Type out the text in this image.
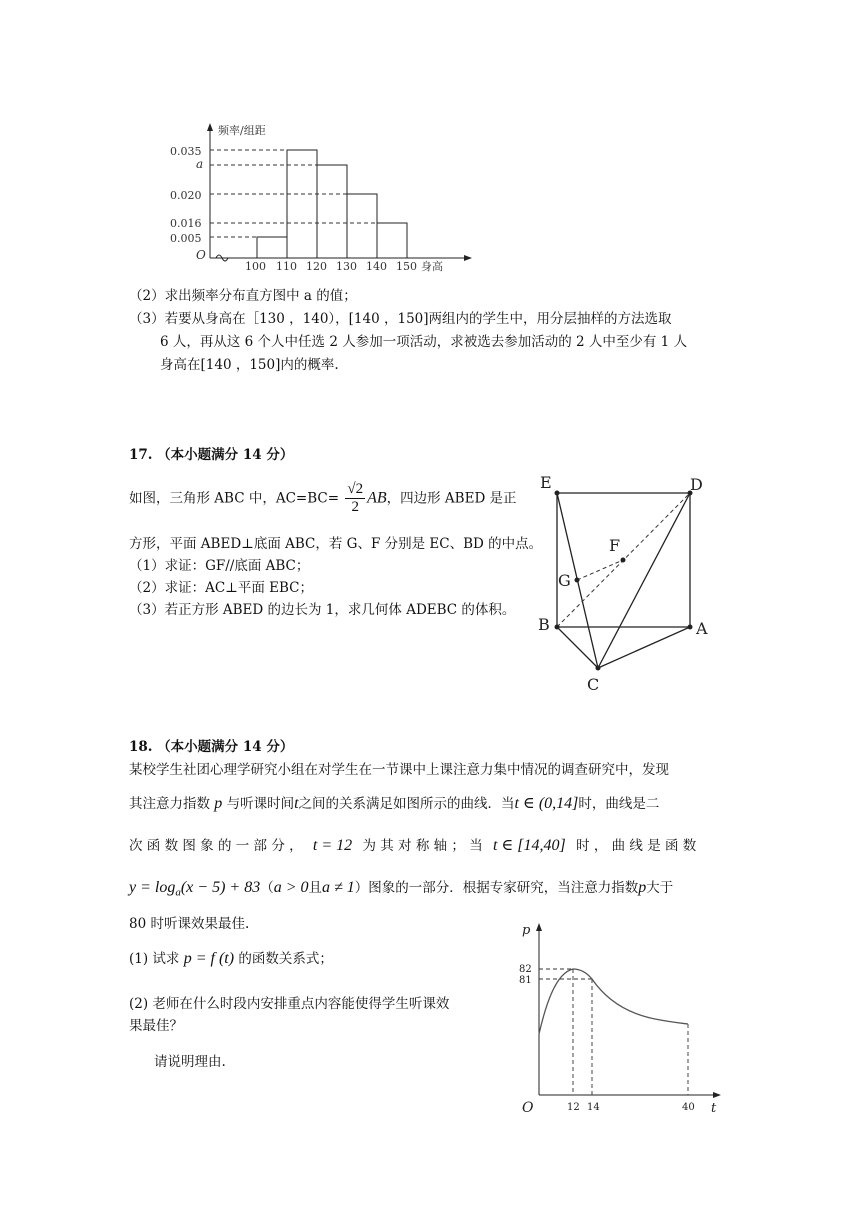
频率/组距
O
0.035
a
0.020
0.016
0.005
100 110 120 130 140 150 身高
（2）求出频率分布直方图中 a 的值；
（3）若要从身高在［130 ，140），[140 ，150]两组内的学生中，用分层抽样的方法选取
6 人，再从这 6 个人中任选 2 人参加一项活动，求被选去参加活动的 2 人中至少有 1 人
身高在[140 ，150]内的概率.
17. （本小题满分 14 分）
如图，三角形 ABC 中，$AC=BC= \frac{√2}{2}$ AB，四边形 ABED 是正
方形，平面 ABED⊥底面 ABC，若 G、F 分别是 EC、BD 的中点。
（1）求证：GF//底面 ABC；
（2）求证：AC⊥平面 EBC；
（3）若正方形 ABED 的边长为 1，求几何体 ADEBC 的体积。
E	D
F
G
B	A
C
18. （本小题满分 14 分）
某校学生社团心理学研究小组在对学生在一节课中上课注意力集中情况的调查研究中，发现
其注意力指数 p 与听课时间t之间的关系满足如图所示的曲线．当t ∈ (0,14]时，曲线是二
次 函 数 图 象 的 一 部 分 ， t = 12 为 其 对 称 轴 ； 当 t ∈ [14,40] 时 ， 曲 线 是 函 数
$y = \log_a(x - 5) + 83(a > 0$且a ≠ 1）图象的一部分．根据专家研究，当注意力指数p大于
80 时听课效果最佳.
(1) 试求 p = f (t) 的函数关系式；
(2) 老师在什么时段内安排重点内容能使得学生听课效
果最佳？
请说明理由.
p
t
O
82
81
12 14	40
